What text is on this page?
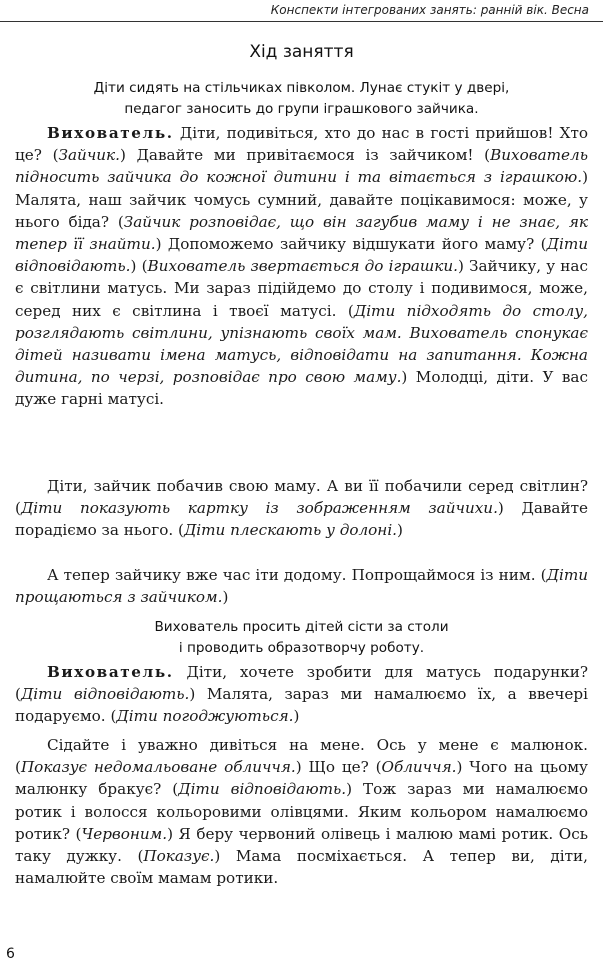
Конспекти інтегрованих занять: ранній вік. Весна
Хід заняття
Діти сидять на стільчиках півколом. Лунає стукіт у двері,
педагог заносить до групи іграшкового зайчика.

Вихователь. Діти, подивіться, хто до нас в гості прийшов! Хто це? (Зайчик.) Давайте ми привітаємося із зайчиком! (Вихователь підносить зайчика до кожної дитини і та вітається з іграшкою.) Малята, наш зайчик чомусь сумний, давайте поцікавимося: може, у нього біда? (Зайчик розповідає, що він загубив маму і не знає, як тепер її знайти.) Допоможемо зайчику відшукати його маму? (Діти відповідають.) (Вихователь звертається до іграшки.) Зайчику, у нас є світлини матусь. Ми зараз підійдемо до столу і подивимося, може, серед них є світлина і твоєї матусі. (Діти підходять до столу, розглядають світлини, упізнають своїх мам. Вихователь спонукає дітей називати імена матусь, відповідати на запитання. Кожна дитина, по черзі, розповідає про свою маму.) Молодці, діти. У вас дуже гарні матусі.

Діти, зайчик побачив свою маму. А ви її побачили серед світлин? (Діти показують картку із зображенням зайчихи.) Давайте порадіємо за нього. (Діти плескають у долоні.)

А тепер зайчику вже час іти додому. Попрощаймося із ним. (Діти прощаються з зайчиком.)

Вихователь просить дітей сісти за столи
і проводить образотворчу роботу.

Вихователь. Діти, хочете зробити для матусь подарунки? (Діти відповідають.) Малята, зараз ми намалюємо їх, а ввечері подаруємо. (Діти погоджуються.)

Сідайте і уважно дивіться на мене. Ось у мене є малюнок. (Показує недомальоване обличчя.) Що це? (Обличчя.) Чого на цьому малюнку бракує? (Діти відповідають.) Тож зараз ми намалюємо ротик і волосся кольоровими олівцями. Яким кольором намалюємо ротик? (Червоним.) Я беру червоний олівець і малюю мамі ротик. Ось таку дужку. (Показує.) Мама посміхається. А тепер ви, діти, намалюйте своїм мамам ротики.

6
